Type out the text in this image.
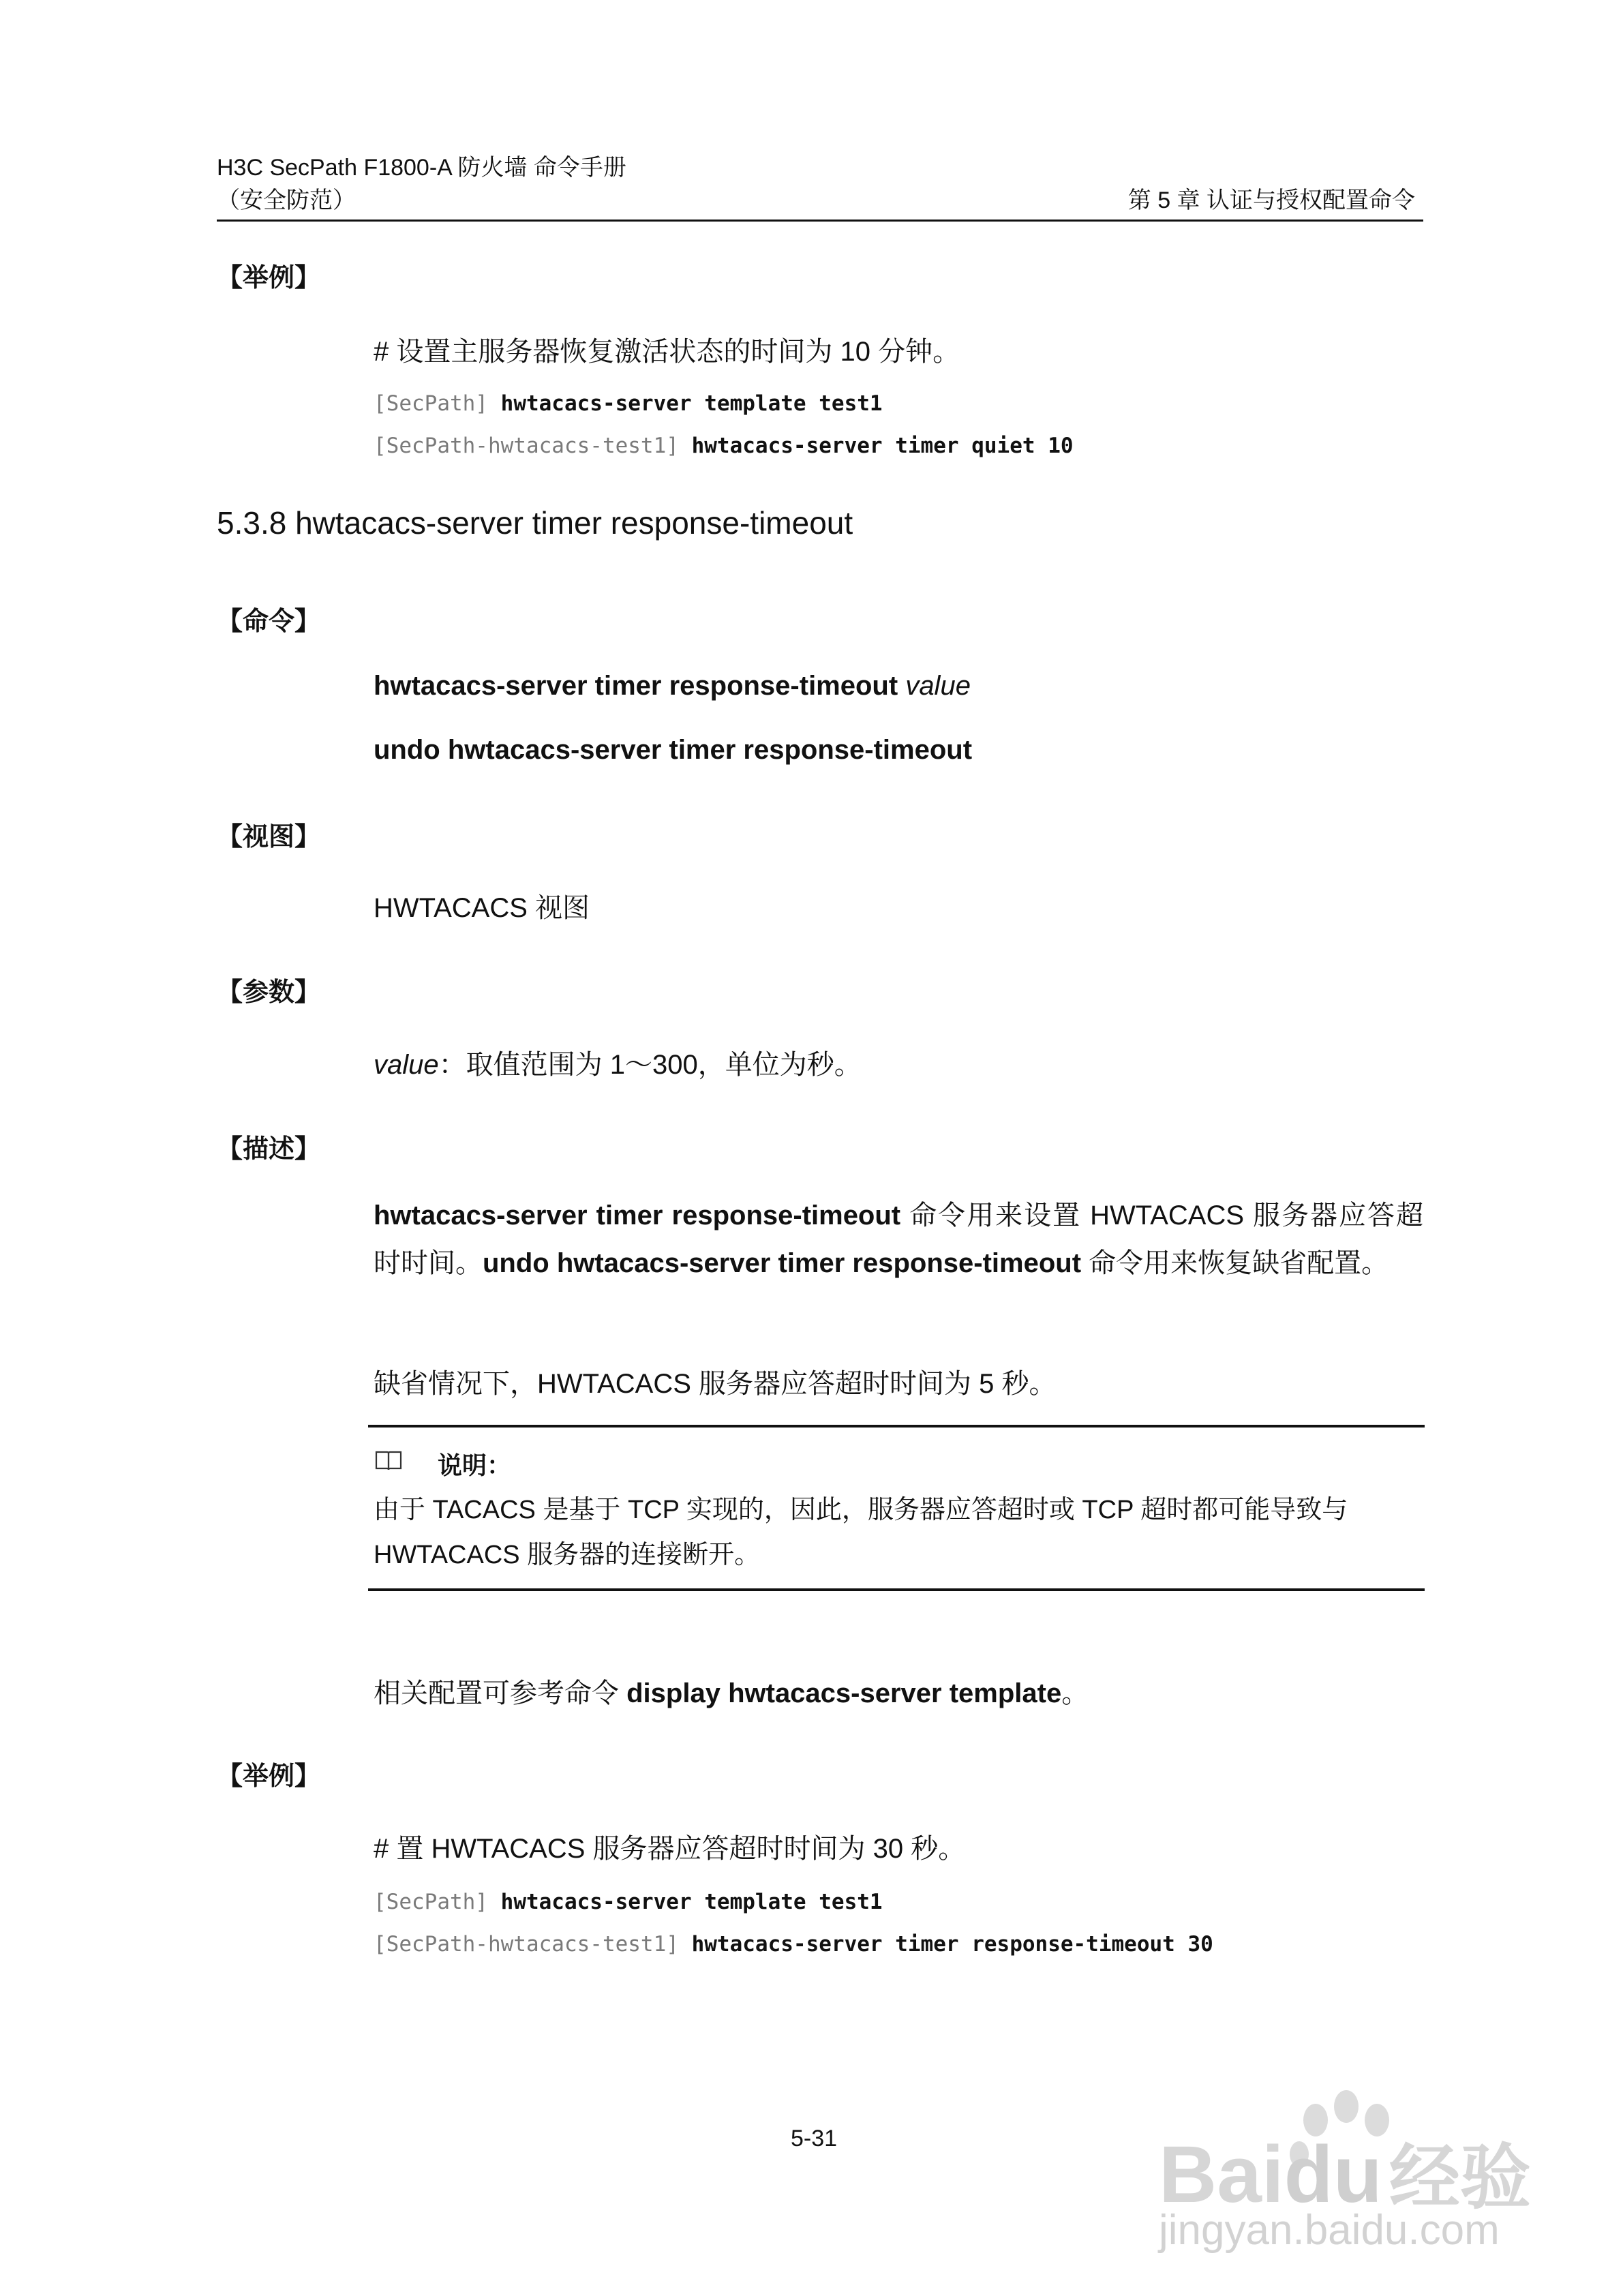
H3C SecPath F1800-A 防火墙 命令手册
（安全防范）	第 5 章 认证与授权配置命令
【举例】
# 设置主服务器恢复激活状态的时间为 10 分钟。
[SecPath] hwtacacs-server template test1
[SecPath-hwtacacs-test1] hwtacacs-server timer quiet 10
5.3.8 hwtacacs-server timer response-timeout
【命令】
hwtacacs-server timer response-timeout value
undo hwtacacs-server timer response-timeout
【视图】
HWTACACS 视图
【参数】
value：取值范围为 1～300，单位为秒。
【描述】
hwtacacs-server timer response-timeout 命令用来设置 HWTACACS 服务器应答超时时间。undo hwtacacs-server timer response-timeout 命令用来恢复缺省配置。
缺省情况下，HWTACACS 服务器应答超时时间为 5 秒。
说明：
由于 TACACS 是基于 TCP 实现的，因此，服务器应答超时或 TCP 超时都可能导致与 HWTACACS 服务器的连接断开。
相关配置可参考命令 display hwtacacs-server template。
【举例】
# 置 HWTACACS 服务器应答超时时间为 30 秒。
[SecPath] hwtacacs-server template test1
[SecPath-hwtacacs-test1] hwtacacs-server timer response-timeout 30
5-31	Baidu经验
jingyan.baidu.com
